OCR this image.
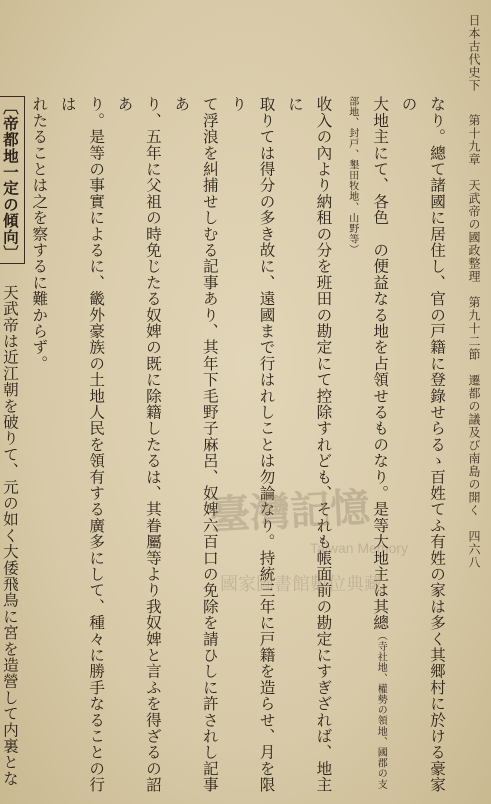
日本古代史下
第十九章　天武帝の國政整理　第九十二節　遷都の議及び南島の開く　四六八

なり。總て諸國に居住し、官の戸籍に登錄せらるゝ百姓てふ有姓の家は多く其郷村に於ける豪家の

大地主にて、各色　の便益なる地を占領せるものなり。是等大地主は其總（寺社地、權勢の領地、國郡の支　部地、封戸、墾田牧地、山野等）

收入の內より納租の分を班田の勘定にて控除すれども、それも帳面前の勘定にすぎざれば、地主に

取りては得分の多き故に、遠國まで行はれしことは勿論なり。持統三年に戸籍を造らせ、月を限り

て浮浪を糾捕せしむる記事あり、其年下毛野子麻呂、奴婢六百口の免除を請ひしに許されし記事あ

り、五年に父祖の時免じたる奴婢の既に除籍したるは、其眷屬等より我奴婢と言ふを得ざるの詔あ

り。是等の事實によるに、畿外豪族の土地人民を領有する廣多にして、種々に勝手なることの行は

れたることは之を察するに難からず。

〔帝都地一定の傾向〕　天武帝は近江朝を破りて、元の如く大倭飛鳥に宮を造營して内裏とな

臺灣記憶
Taiwan Memory
國家圖書館數位典藏
